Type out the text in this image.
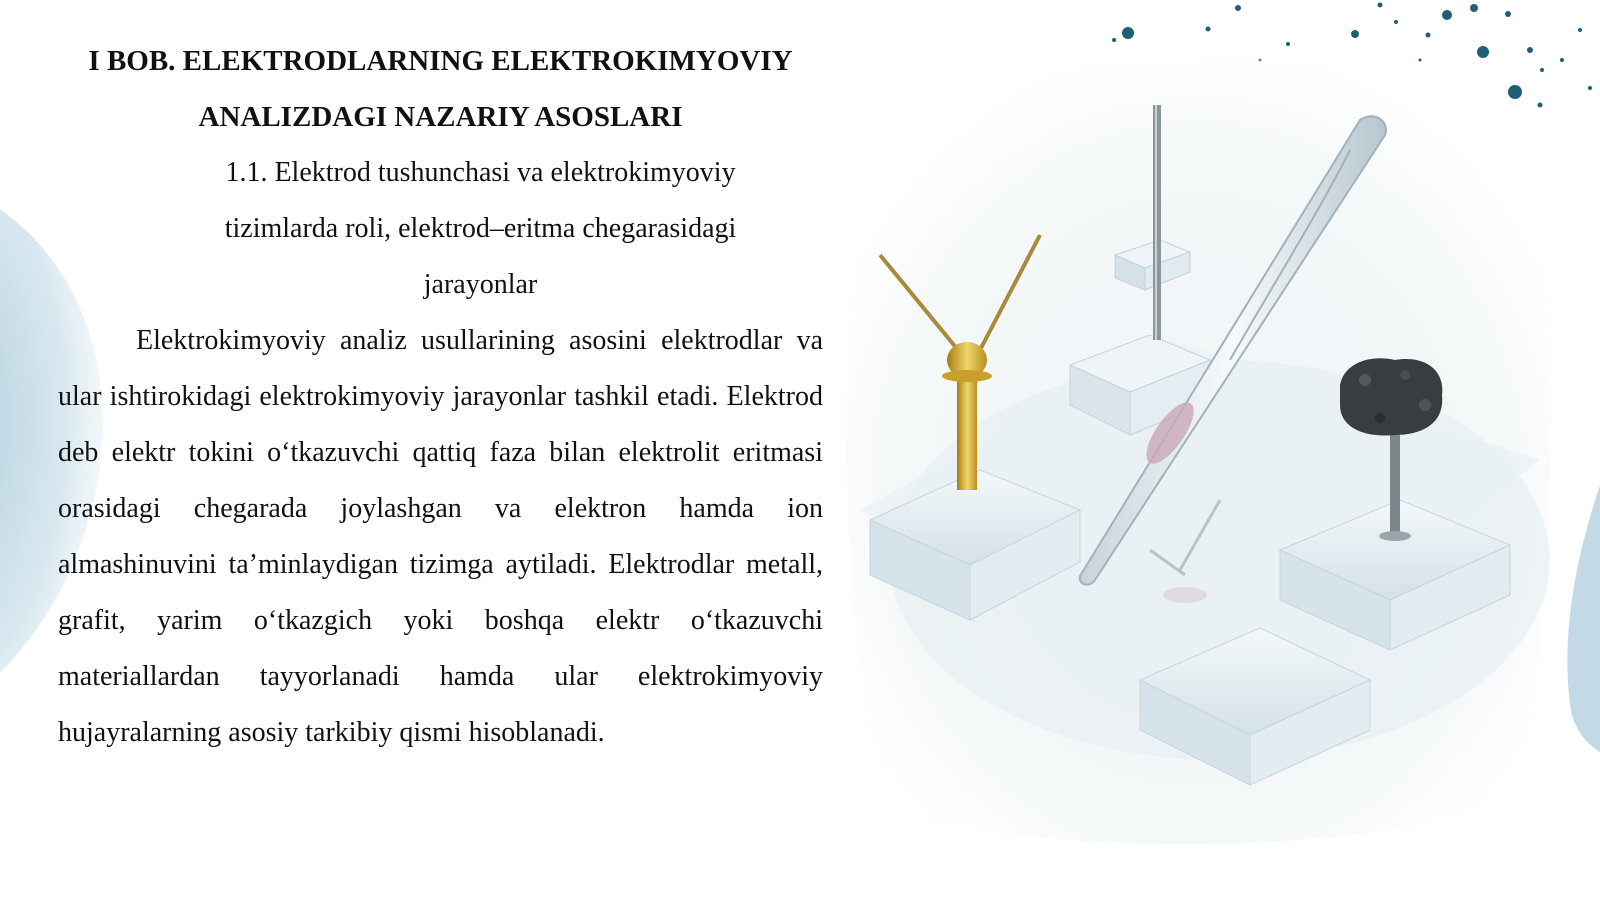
I BOB. ELEKTRODLARNING ELEKTROKIMYOVIY ANALIZDAGI NAZARIY ASOSLARI
1.1. Elektrod tushunchasi va elektrokimyoviy tizimlarda roli, elektrod–eritma chegarasidagi jarayonlar

Elektrokimyoviy analiz usullarining asosini elektrodlar va ular ishtirokidagi elektrokimyoviy jarayonlar tashkil etadi. Elektrod deb elektr tokini o‘tkazuvchi qattiq faza bilan elektrolit eritmasi orasidagi chegarada joylashgan va elektron hamda ion almashinuvini ta’minlaydigan tizimga aytiladi. Elektrodlar metall, grafit, yarim o‘tkazgich yoki boshqa elektr o‘tkazuvchi materiallardan tayyorlanadi hamda ular elektrokimyoviy hujayralarning asosiy tarkibiy qismi hisoblanadi.
